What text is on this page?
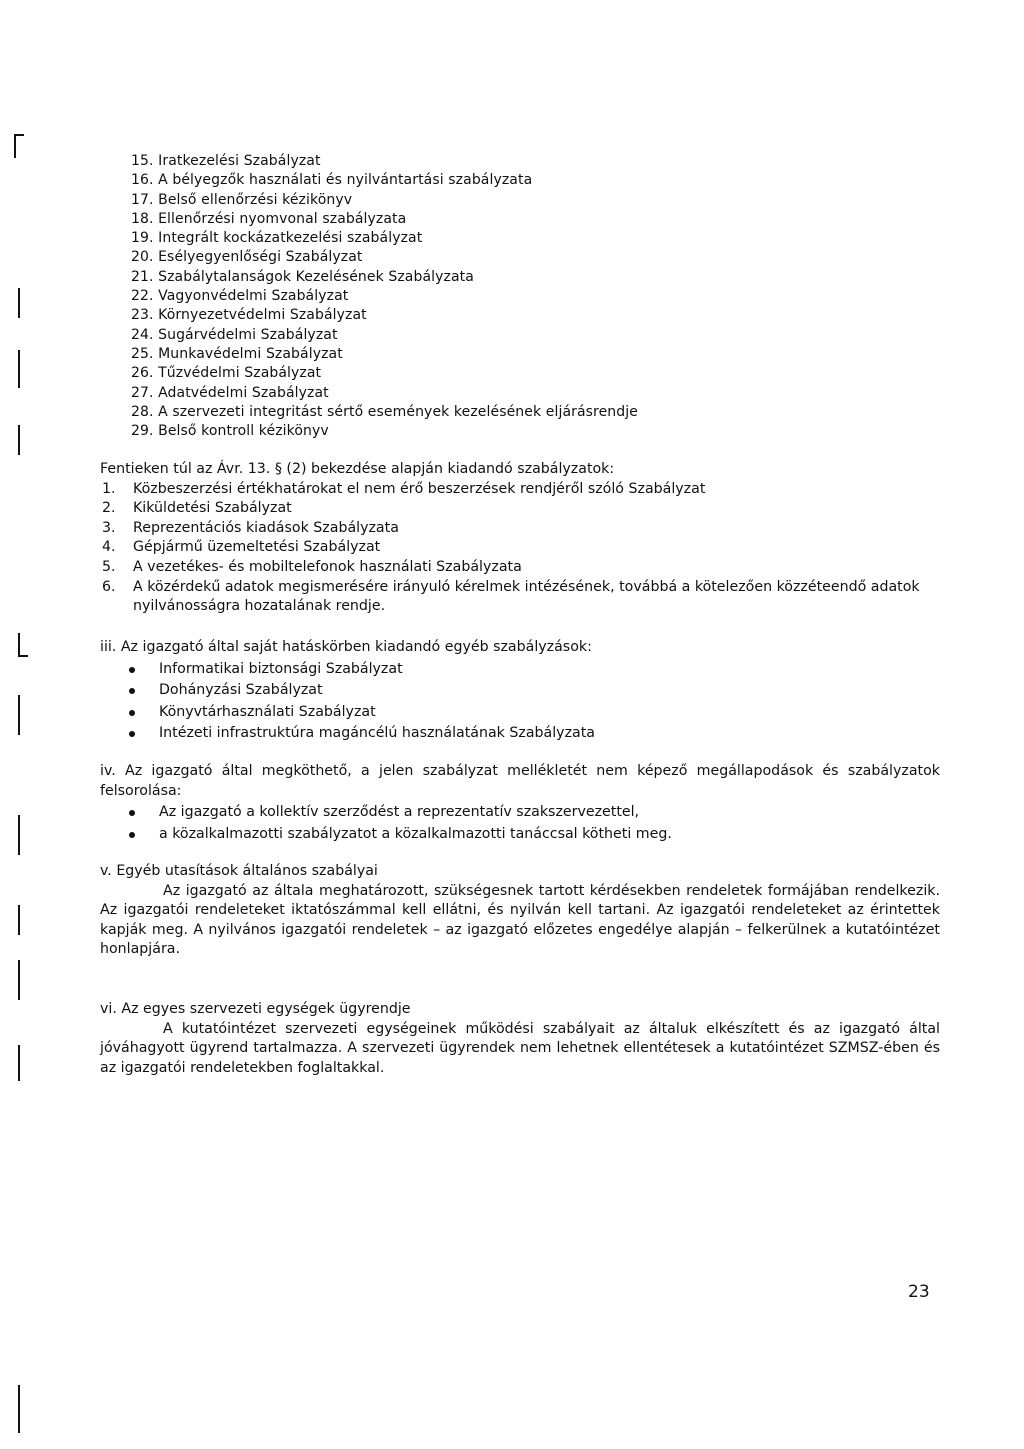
15. Iratkezelési Szabályzat
16. A bélyegzők használati és nyilvántartási szabályzata
17. Belső ellenőrzési kézikönyv
18. Ellenőrzési nyomvonal szabályzata
19. Integrált kockázatkezelési szabályzat
20. Esélyegyenlőségi Szabályzat
21. Szabálytalanságok Kezelésének Szabályzata
22. Vagyonvédelmi Szabályzat
23. Környezetvédelmi Szabályzat
24. Sugárvédelmi Szabályzat
25. Munkavédelmi Szabályzat
26. Tűzvédelmi Szabályzat
27. Adatvédelmi Szabályzat
28. A szervezeti integritást sértő események kezelésének eljárásrendje
29. Belső kontroll kézikönyv

Fentieken túl az Ávr. 13. § (2) bekezdése alapján kiadandó szabályzatok:

1.	Közbeszerzési értékhatárokat el nem érő beszerzések rendjéről szóló Szabályzat
2.	Kiküldetési Szabályzat
3.	Reprezentációs kiadások Szabályzata
4.	Gépjármű üzemeltetési Szabályzat
5.	A vezetékes- és mobiltelefonok használati Szabályzata
6.	A közérdekű adatok megismerésére irányuló kérelmek intézésének, továbbá a kötelezően közzéteendő adatok nyilvánosságra hozatalának rendje.

iii. Az igazgató által saját hatáskörben kiadandó egyéb szabályzások:

Informatikai biztonsági Szabályzat
Dohányzási Szabályzat
Könyvtárhasználati Szabályzat
Intézeti infrastruktúra magáncélú használatának Szabályzata

iv. Az igazgató által megköthető, a jelen szabályzat mellékletét nem képező megállapodások és szabályzatok felsorolása:

Az igazgató a kollektív szerződést a reprezentatív szakszervezettel,
a közalkalmazotti szabályzatot a közalkalmazotti tanáccsal kötheti meg.

v. Egyéb utasítások általános szabályai

Az igazgató az általa meghatározott, szükségesnek tartott kérdésekben rendeletek formájában rendelkezik. Az igazgatói rendeleteket iktatószámmal kell ellátni, és nyilván kell tartani. Az igazgatói rendeleteket az érintettek kapják meg. A nyilvános igazgatói rendeletek – az igazgató előzetes engedélye alapján – felkerülnek a kutatóintézet honlapjára.

vi. Az egyes szervezeti egységek ügyrendje

A kutatóintézet szervezeti egységeinek működési szabályait az általuk elkészített és az igazgató által jóváhagyott ügyrend tartalmazza. A szervezeti ügyrendek nem lehetnek ellentétesek a kutatóintézet SZMSZ-ében és az igazgatói rendeletekben foglaltakkal.

23
